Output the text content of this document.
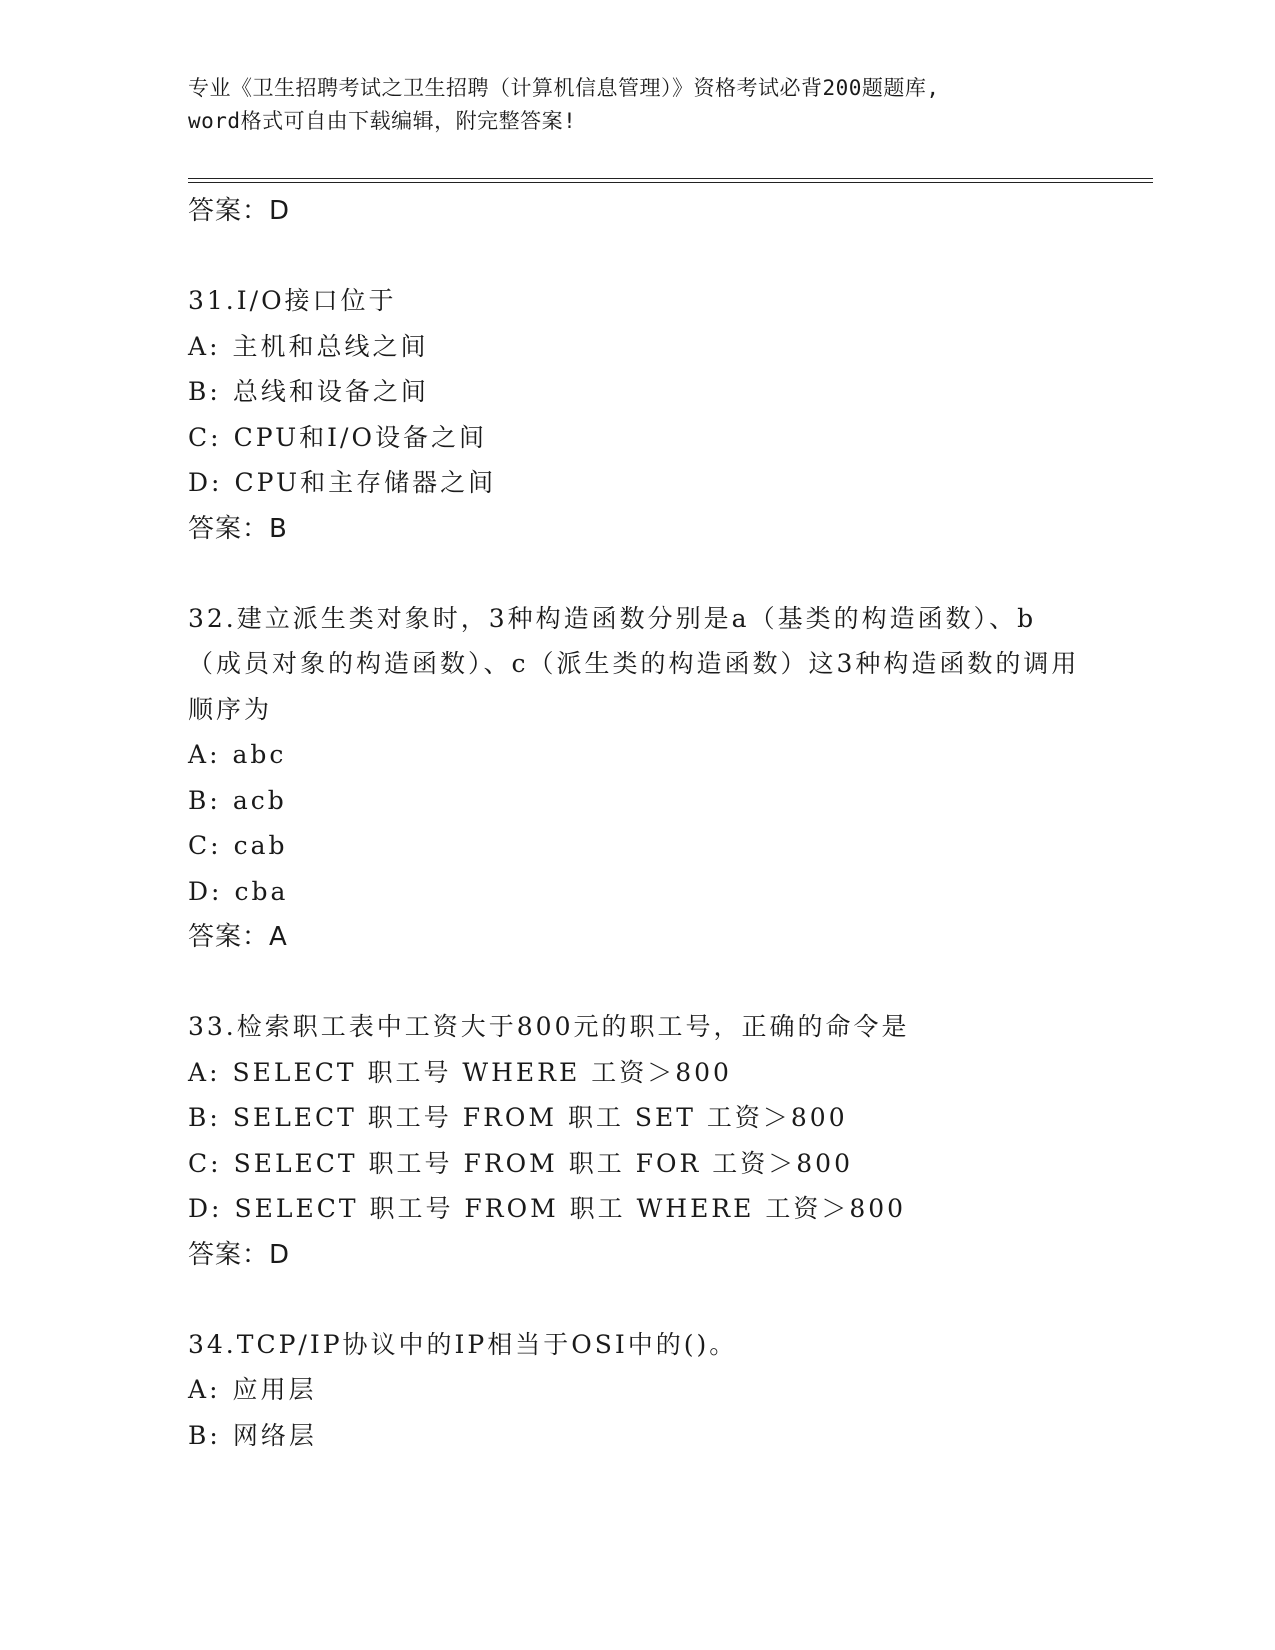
专业《卫生招聘考试之卫生招聘（计算机信息管理）》资格考试必背200题题库,
word格式可自由下载编辑，附完整答案!
答案：D

31.I/O接口位于

A: 主机和总线之间

B: 总线和设备之间

C: CPU和I/O设备之间

D: CPU和主存储器之间

答案：B

32.建立派生类对象时，3种构造函数分别是a（基类的构造函数）、b（成员对象的构造函数）、c（派生类的构造函数）这3种构造函数的调用顺序为

A: abc

B: acb

C: cab

D: cba

答案：A

33.检索职工表中工资大于800元的职工号，正确的命令是

A: SELECT 职工号 WHERE 工资＞800

B: SELECT 职工号 FROM 职工 SET 工资＞800

C: SELECT 职工号 FROM 职工 FOR 工资＞800

D: SELECT 职工号 FROM 职工 WHERE 工资＞800

答案：D

34.TCP/IP协议中的IP相当于OSI中的()。

A: 应用层

B: 网络层
